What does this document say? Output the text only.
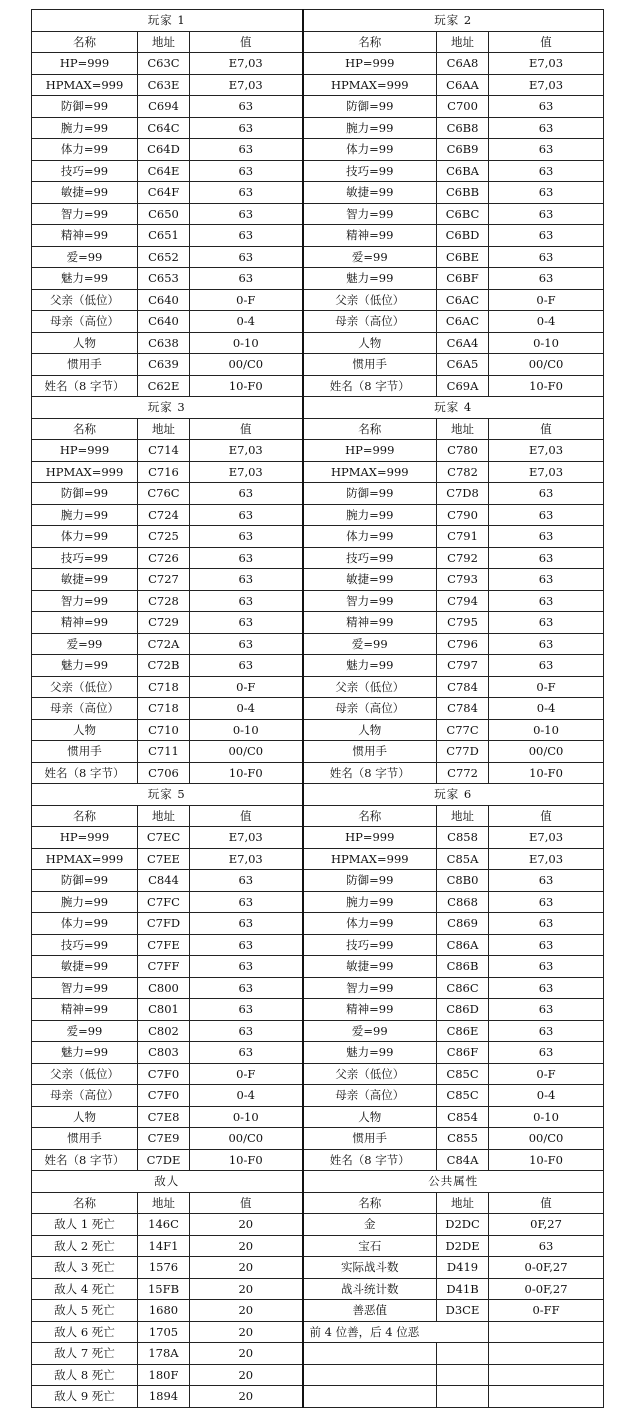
玩家 1			玩家 2		
名称	地址	值	名称	地址	值
HP=999	C63C	E7,03	HP=999	C6A8	E7,03
HPMAX=999	C63E	E7,03	HPMAX=999	C6AA	E7,03
防御=99	C694	63	防御=99	C700	63
腕力=99	C64C	63	腕力=99	C6B8	63
体力=99	C64D	63	体力=99	C6B9	63
技巧=99	C64E	63	技巧=99	C6BA	63
敏捷=99	C64F	63	敏捷=99	C6BB	63
智力=99	C650	63	智力=99	C6BC	63
精神=99	C651	63	精神=99	C6BD	63
爱=99	C652	63	爱=99	C6BE	63
魅力=99	C653	63	魅力=99	C6BF	63
父亲（低位）	C640	0-F	父亲（低位）	C6AC	0-F
母亲（高位）	C640	0-4	母亲（高位）	C6AC	0-4
人物	C638	0-10	人物	C6A4	0-10
惯用手	C639	00/C0	惯用手	C6A5	00/C0
姓名（8 字节）	C62E	10-F0	姓名（8 字节）	C69A	10-F0
玩家 3			玩家 4		
名称	地址	值	名称	地址	值
HP=999	C714	E7,03	HP=999	C780	E7,03
HPMAX=999	C716	E7,03	HPMAX=999	C782	E7,03
防御=99	C76C	63	防御=99	C7D8	63
腕力=99	C724	63	腕力=99	C790	63
体力=99	C725	63	体力=99	C791	63
技巧=99	C726	63	技巧=99	C792	63
敏捷=99	C727	63	敏捷=99	C793	63
智力=99	C728	63	智力=99	C794	63
精神=99	C729	63	精神=99	C795	63
爱=99	C72A	63	爱=99	C796	63
魅力=99	C72B	63	魅力=99	C797	63
父亲（低位）	C718	0-F	父亲（低位）	C784	0-F
母亲（高位）	C718	0-4	母亲（高位）	C784	0-4
人物	C710	0-10	人物	C77C	0-10
惯用手	C711	00/C0	惯用手	C77D	00/C0
姓名（8 字节）	C706	10-F0	姓名（8 字节）	C772	10-F0
玩家 5			玩家 6		
名称	地址	值	名称	地址	值
HP=999	C7EC	E7,03	HP=999	C858	E7,03
HPMAX=999	C7EE	E7,03	HPMAX=999	C85A	E7,03
防御=99	C844	63	防御=99	C8B0	63
腕力=99	C7FC	63	腕力=99	C868	63
体力=99	C7FD	63	体力=99	C869	63
技巧=99	C7FE	63	技巧=99	C86A	63
敏捷=99	C7FF	63	敏捷=99	C86B	63
智力=99	C800	63	智力=99	C86C	63
精神=99	C801	63	精神=99	C86D	63
爱=99	C802	63	爱=99	C86E	63
魅力=99	C803	63	魅力=99	C86F	63
父亲（低位）	C7F0	0-F	父亲（低位）	C85C	0-F
母亲（高位）	C7F0	0-4	母亲（高位）	C85C	0-4
人物	C7E8	0-10	人物	C854	0-10
惯用手	C7E9	00/C0	惯用手	C855	00/C0
姓名（8 字节）	C7DE	10-F0	姓名（8 字节）	C84A	10-F0
敌人			公共属性		
名称	地址	值	名称	地址	值
敌人 1 死亡	146C	20	金	D2DC	0F,27
敌人 2 死亡	14F1	20	宝石	D2DE	63
敌人 3 死亡	1576	20	实际战斗数	D419	0-0F,27
敌人 4 死亡	15FB	20	战斗统计数	D41B	0-0F,27
敌人 5 死亡	1680	20	善恶值	D3CE	0-FF
敌人 6 死亡	1705	20	前 4 位善，后 4 位恶		
敌人 7 死亡	178A	20			
敌人 8 死亡	180F	20			
敌人 9 死亡	1894	20			
